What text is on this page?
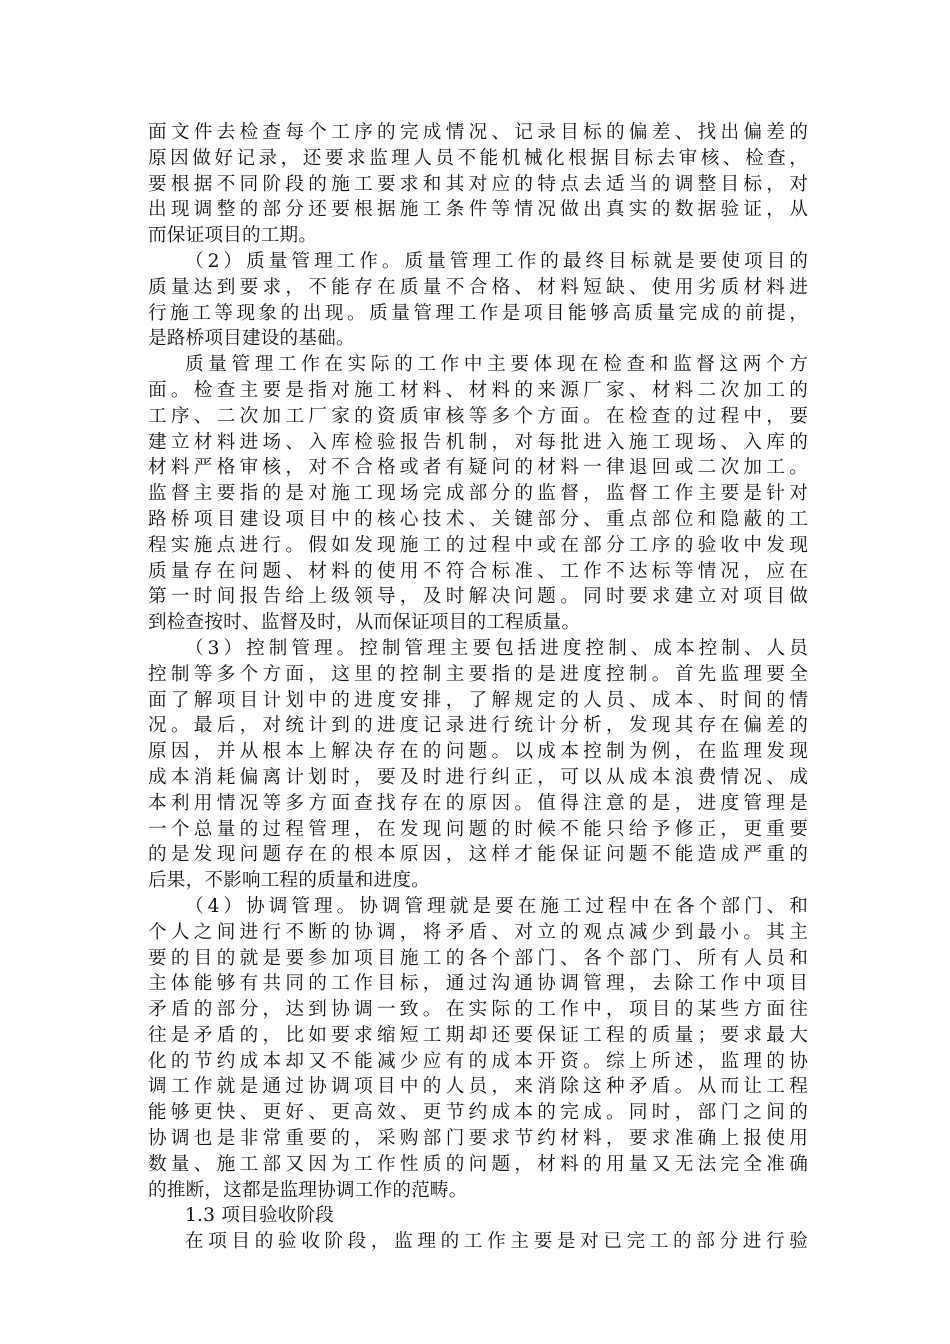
面文件去检查每个工序的完成情况、记录目标的偏差、找出偏差的
原因做好记录，还要求监理人员不能机械化根据目标去审核、检查，
要根据不同阶段的施工要求和其对应的特点去适当的调整目标，对
出现调整的部分还要根据施工条件等情况做出真实的数据验证，从
而保证项目的工期。
（2）质量管理工作。质量管理工作的最终目标就是要使项目的
质量达到要求，不能存在质量不合格、材料短缺、使用劣质材料进
行施工等现象的出现。质量管理工作是项目能够高质量完成的前提，
是路桥项目建设的基础。
质量管理工作在实际的工作中主要体现在检查和监督这两个方
面。检查主要是指对施工材料、材料的来源厂家、材料二次加工的
工序、二次加工厂家的资质审核等多个方面。在检查的过程中，要
建立材料进场、入库检验报告机制，对每批进入施工现场、入库的
材料严格审核，对不合格或者有疑问的材料一律退回或二次加工。
监督主要指的是对施工现场完成部分的监督，监督工作主要是针对
路桥项目建设项目中的核心技术、关键部分、重点部位和隐蔽的工
程实施点进行。假如发现施工的过程中或在部分工序的验收中发现
质量存在问题、材料的使用不符合标准、工作不达标等情况，应在
第一时间报告给上级领导，及时解决问题。同时要求建立对项目做
到检查按时、监督及时，从而保证项目的工程质量。
（3）控制管理。控制管理主要包括进度控制、成本控制、人员
控制等多个方面，这里的控制主要指的是进度控制。首先监理要全
面了解项目计划中的进度安排，了解规定的人员、成本、时间的情
况。最后，对统计到的进度记录进行统计分析，发现其存在偏差的
原因，并从根本上解决存在的问题。以成本控制为例，在监理发现
成本消耗偏离计划时，要及时进行纠正，可以从成本浪费情况、成
本利用情况等多方面查找存在的原因。值得注意的是，进度管理是
一个总量的过程管理，在发现问题的时候不能只给予修正，更重要
的是发现问题存在的根本原因，这样才能保证问题不能造成严重的
后果，不影响工程的质量和进度。
（4）协调管理。协调管理就是要在施工过程中在各个部门、和
个人之间进行不断的协调，将矛盾、对立的观点减少到最小。其主
要的目的就是要参加项目施工的各个部门、各个部门、所有人员和
主体能够有共同的工作目标，通过沟通协调管理，去除工作中项目
矛盾的部分，达到协调一致。在实际的工作中，项目的某些方面往
往是矛盾的，比如要求缩短工期却还要保证工程的质量；要求最大
化的节约成本却又不能减少应有的成本开资。综上所述，监理的协
调工作就是通过协调项目中的人员，来消除这种矛盾。从而让工程
能够更快、更好、更高效、更节约成本的完成。同时，部门之间的
协调也是非常重要的，采购部门要求节约材料，要求准确上报使用
数量、施工部又因为工作性质的问题，材料的用量又无法完全准确
的推断，这都是监理协调工作的范畴。
1.3 项目验收阶段
在项目的验收阶段，监理的工作主要是对已完工的部分进行验
